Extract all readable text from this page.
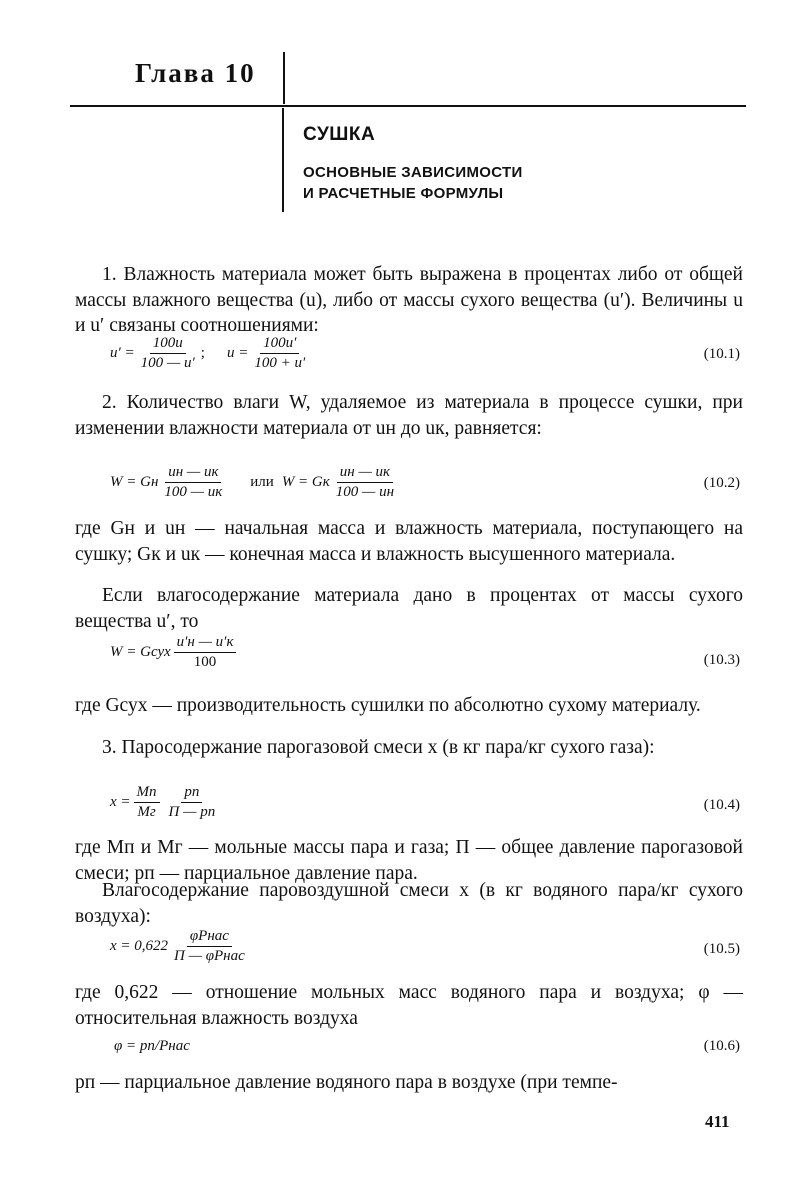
Глава 10
СУШКА
ОСНОВНЫЕ ЗАВИСИМОСТИ
И РАСЧЕТНЫЕ ФОРМУЛЫ
1. Влажность материала может быть выражена в процентах либо от общей массы влажного вещества (u), либо от массы сухого вещества (u′). Величины u и u′ связаны соотношениями:
$u' = \frac{100u}{100 — u'}$ ; $u = \frac{100u'}{100 + u'}$	(10.1)
2. Количество влаги W, удаляемое из материала в процессе сушки, при изменении влажности материала от uн до uк, равняется:
W = Gн $\frac{uн — uк}{100 — uк}$ или W = Gк $\frac{uн — uк}{100 — uн}$	(10.2)
где Gн и uн — начальная масса и влажность материала, поступающего на сушку; Gк и uк — конечная масса и влажность высушенного материала.
Если влагосодержание материала дано в процентах от массы сухого вещества u′, то
W = Gсух $\frac{u'н — u'к}{100}$	(10.3)
где Gсух — производительность сушилки по абсолютно сухому материалу.
3. Паросодержание парогазовой смеси x (в кг пара/кг сухого газа):
$x = \frac{Mп}{Mг} \frac{pп}{П — pп}$	(10.4)
где Mп и Mг — мольные массы пара и газа; П — общее давление парогазовой смеси; pп — парциальное давление пара.
Влагосодержание паровоздушной смеси x (в кг водяного пара/кг сухого воздуха):
$x = 0,622 \frac{\text{φPнас}}{\text{П — φPнас}}$	(10.5)
где 0,622 — отношение мольных масс водяного пара и воздуха; φ — относительная влажность воздуха
φ = pп/Pнас	(10.6)
pп — парциальное давление водяного пара в воздухе (при темпе-
411
